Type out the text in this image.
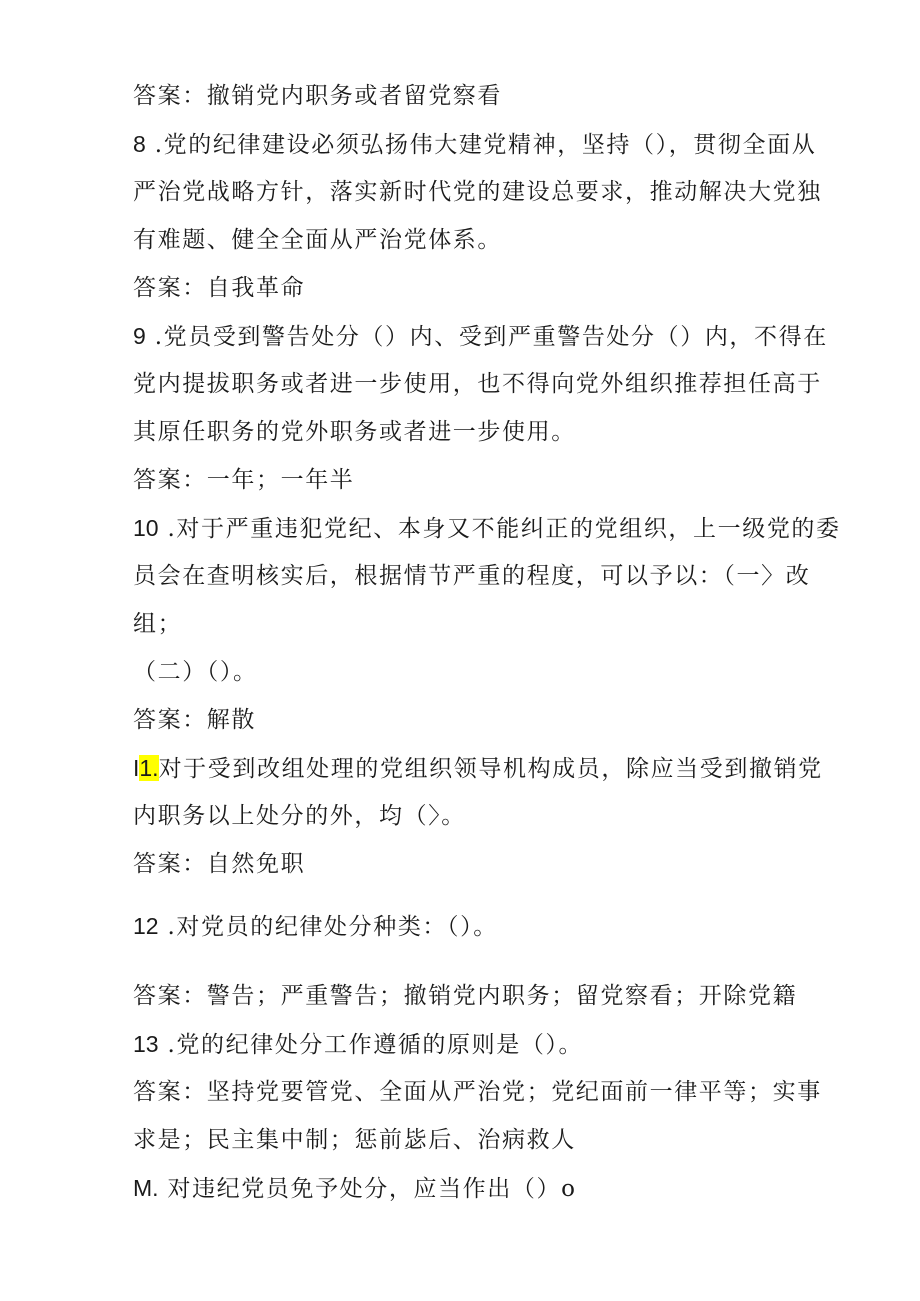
答案：撤销党内职务或者留党察看
8 .党的纪律建设必须弘扬伟大建党精神，坚持（），贯彻全面从
严治党战略方针，落实新时代党的建设总要求，推动解决大党独
有难题、健全全面从严治党体系。
答案：自我革命
9 .党员受到警告处分（）内、受到严重警告处分（）内，不得在
党内提拔职务或者进一步使用，也不得向党外组织推荐担任高于
其原任职务的党外职务或者进一步使用。
答案：一年；一年半
10 .对于严重违犯党纪、本身又不能纠正的党组织，上一级党的委
员会在查明核实后，根据情节严重的程度，可以予以：（一〉改
组；
（二）（）。
答案：解散
I1.对于受到改组处理的党组织领导机构成员，除应当受到撤销党
内职务以上处分的外，均（〉。
答案：自然免职
12 .对党员的纪律处分种类：（）。
答案：警告；严重警告；撤销党内职务；留党察看；开除党籍
13 .党的纪律处分工作遵循的原则是（）。
答案：坚持党要管党、全面从严治党；党纪面前一律平等；实事
求是；民主集中制；惩前毖后、治病救人
M. 对违纪党员免予处分，应当作出（）o
